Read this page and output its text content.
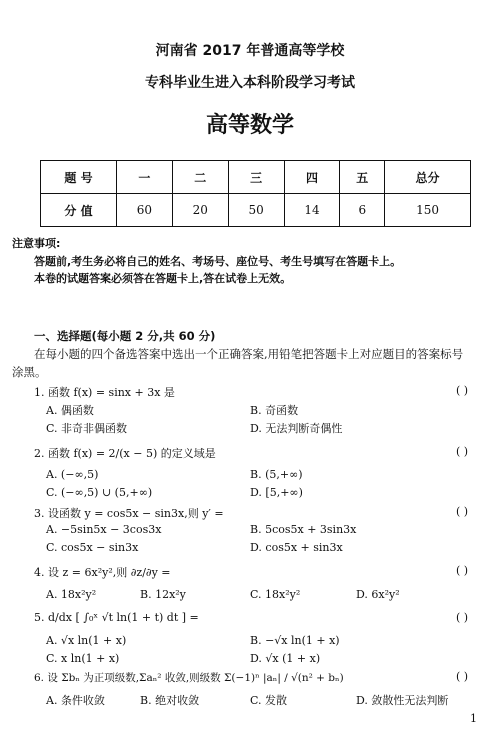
河南省 2017 年普通高等学校
专科毕业生进入本科阶段学习考试
高等数学
题 号	一	二	三	四	五	总分
分 值	60	20	50	14	6	150
注意事项:
答题前,考生务必将自己的姓名、考场号、座位号、考生号填写在答题卡上。
本卷的试题答案必须答在答题卡上,答在试卷上无效。
一、选择题(每小题 2 分,共 60 分)
在每小题的四个备选答案中选出一个正确答案,用铅笔把答题卡上对应题目的答案标号
涂黑。
1. 函数 f(x) = sinx + 3x 是	( )
A. 偶函数	B. 奇函数
C. 非奇非偶函数	D. 无法判断奇偶性
2. 函数 f(x) = 2/(x − 5) 的定义域是	( )
A. (−∞,5)	B. (5,+∞)
C. (−∞,5) ∪ (5,+∞)	D. [5,+∞)
3. 设函数 y = cos5x − sin3x,则 y′ =	( )
A. −5sin5x − 3cos3x	B. 5cos5x + 3sin3x
C. cos5x − sin3x	D. cos5x + sin3x
4. 设 z = 6x²y²,则 ∂z/∂y =	( )
A. 18x²y²	B. 12x²y	C. 18x²y²	D. 6x²y²
5. d/dx [ ∫₀ˣ √t ln(1 + t) dt ] =	( )
A. √x ln(1 + x)	B. −√x ln(1 + x)
C. x ln(1 + x)	D. √x (1 + x)
6. 设 Σbₙ 为正项级数,Σaₙ² 收敛,则级数 Σ(−1)ⁿ |aₙ| / √(n² + bₙ)	( )
A. 条件收敛	B. 绝对收敛	C. 发散	D. 敛散性无法判断
1
